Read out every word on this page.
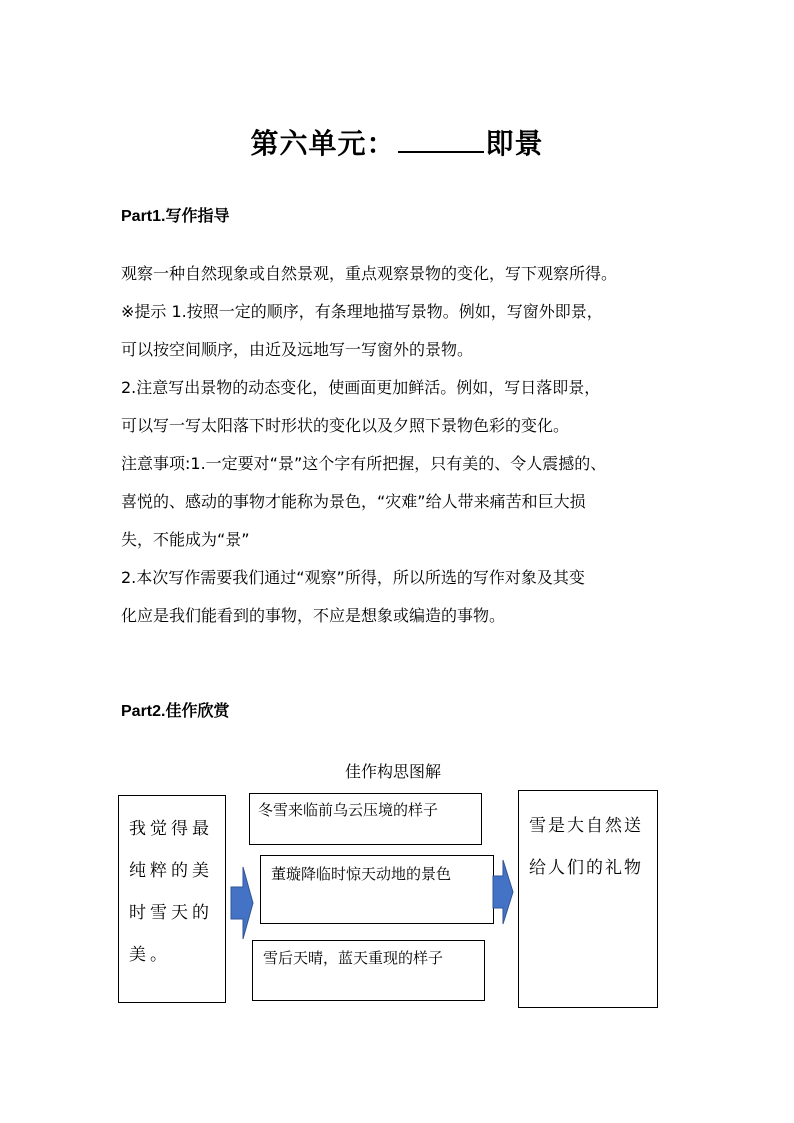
第六单元：	即景
Part1.写作指导
观察一种自然现象或自然景观，重点观察景物的变化，写下观察所得。
※提示 1.按照一定的顺序，有条理地描写景物。例如，写窗外即景，
可以按空间顺序，由近及远地写一写窗外的景物。
2.注意写出景物的动态变化，使画面更加鲜活。例如，写日落即景，
可以写一写太阳落下时形状的变化以及夕照下景物色彩的变化。
注意事项:1.一定要对“景”这个字有所把握，只有美的、令人震撼的、
喜悦的、感动的事物才能称为景色，“灾难”给人带来痛苦和巨大损
失，不能成为“景”
2.本次写作需要我们通过“观察”所得，所以所选的写作对象及其变
化应是我们能看到的事物，不应是想象或编造的事物。
Part2.佳作欣赏
佳作构思图解
我觉得最纯粹的美时雪天的美。
冬雪来临前乌云压境的样子
董璇降临时惊天动地的景色
雪后天晴，蓝天重现的样子
雪是大自然送给人们的礼物
